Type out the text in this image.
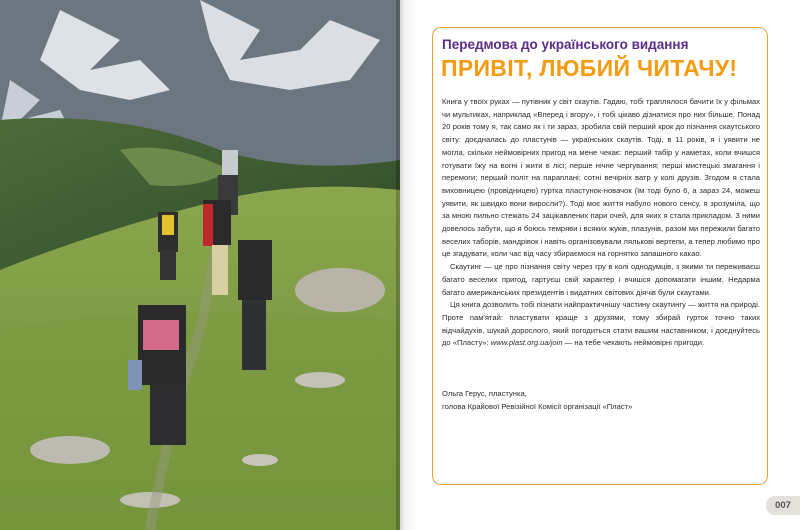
Передмова до українського видання
ПРИВІТ, ЛЮБИЙ ЧИТАЧУ!

Книга у твоїх руках — путівник у світ скаутів. Гадаю, тобі траплялося бачити їх у фільмах чи мультиках, наприклад «Вперед і вгору», і тобі цікаво дізнатися про них більше. Понад 20 років тому я, так само як і ти зараз, зробила свій перший крок до пізнання скаутського світу: доєдналась до пластунів — українських скаутів. Тоді, в 11 років, я і уявити не могла, скільки неймовірних пригод на мене чекає: перший табір у наметах, коли вчишся готувати їжу на вогні і жити в лісі; перше нічне чергування; перші мистецькі змагання і перемоги; перший політ на параплані; сотні вечірніх ватр у колі друзів. Згодом я стала виховницею (провідницею) гуртка пластунок-новачок (їм тоді було 6, а зараз 24, можеш уявити, як швидко вони виросли?). Тоді моє життя набуло нового сенсу, я зрозуміла, що за мною пильно стежать 24 зацікавлених пари очей, для яких я стала прикладом. З ними довелось забути, що я боюсь темряви і всяких жуків, плазунів, разом ми пережили багато веселих таборів, мандрівок і навіть організовували лялькові вертепи, а тепер любимо про це згадувати, коли час від часу збираємося на горнятко запашного какао.

Скаутинг — це про пізнання світу через гру в колі однодумців, з якими ти переживаєш багато веселих пригод, гартуєш свій характер і вчишся допомагати іншим. Недарма багато американських президентів і видатних світових діячів були скаутами.

Ця книга дозволить тобі пізнати найпрактичнішу частину скаутингу — життя на природі. Проте пам'ятай: пластувати краще з друзями, тому збирай гурток точно таких відчайдухів, шукай дорослого, який погодиться стати вашим наставником, і доєднуйтесь до «Пласту»: www.plast.org.ua/join — на тебе чекають неймовірні пригоди.

Ольга Герус, пластунка,
голова Крайової Ревізійної Комісії організації «Пласт»
007
